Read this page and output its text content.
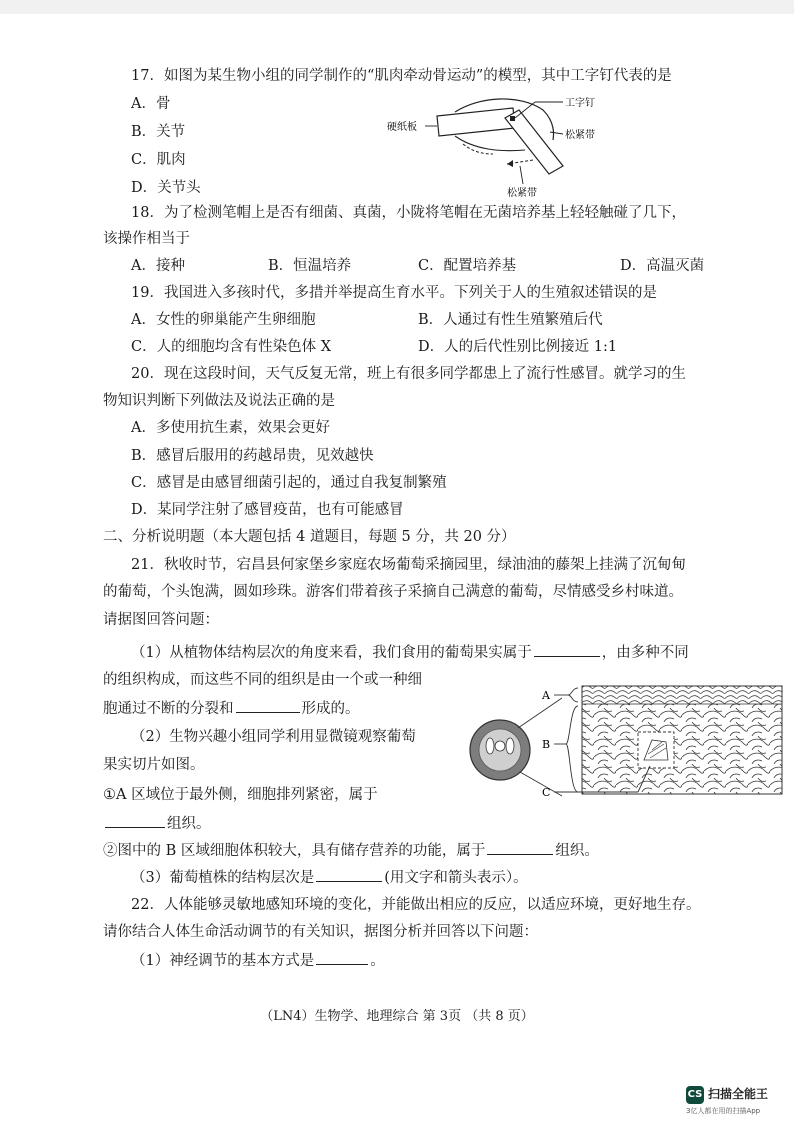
17．如图为某生物小组的同学制作的“肌肉牵动骨运动”的模型，其中工字钉代表的是
A．骨
B．关节
C．肌肉
D．关节头
工字钉
松紧带
硬纸板
松紧带
18．为了检测笔帽上是否有细菌、真菌，小陇将笔帽在无菌培养基上轻轻触碰了几下，
该操作相当于
A．接种	B．恒温培养	C．配置培养基	D．高温灭菌
19．我国进入多孩时代，多措并举提高生育水平。下列关于人的生殖叙述错误的是
A．女性的卵巢能产生卵细胞	B．人通过有性生殖繁殖后代
C．人的细胞均含有性染色体 X	D．人的后代性别比例接近 1:1
20．现在这段时间，天气反复无常，班上有很多同学都患上了流行性感冒。就学习的生
物知识判断下列做法及说法正确的是
A．多使用抗生素，效果会更好
B．感冒后服用的药越昂贵，见效越快
C．感冒是由感冒细菌引起的，通过自我复制繁殖
D．某同学注射了感冒疫苗，也有可能感冒
二、分析说明题（本大题包括 4 道题目，每题 5 分，共 20 分）
21．秋收时节，宕昌县何家堡乡家庭农场葡萄采摘园里，绿油油的藤架上挂满了沉甸甸
的葡萄，个头饱满，圆如珍珠。游客们带着孩子采摘自己满意的葡萄，尽情感受乡村味道。
请据图回答问题：
（1）从植物体结构层次的角度来看，我们食用的葡萄果实属于	，由多种不同
的组织构成，而这些不同的组织是由一个或一种细
胞通过不断的分裂和	形成的。
（2）生物兴趣小组同学利用显微镜观察葡萄
果实切片如图。
①A 区域位于最外侧，细胞排列紧密，属于
组织。
②图中的 B 区域细胞体积较大，具有储存营养的功能，属于	组织。
（3）葡萄植株的结构层次是	(用文字和箭头表示）。
A
B
C
22．人体能够灵敏地感知环境的变化，并能做出相应的反应，以适应环境，更好地生存。
请你结合人体生命活动调节的有关知识，据图分析并回答以下问题：
（1）神经调节的基本方式是	。
（LN4）生物学、地理综合 第 3页 （共 8 页）
CS 扫描全能王
3亿人都在用的扫描App
